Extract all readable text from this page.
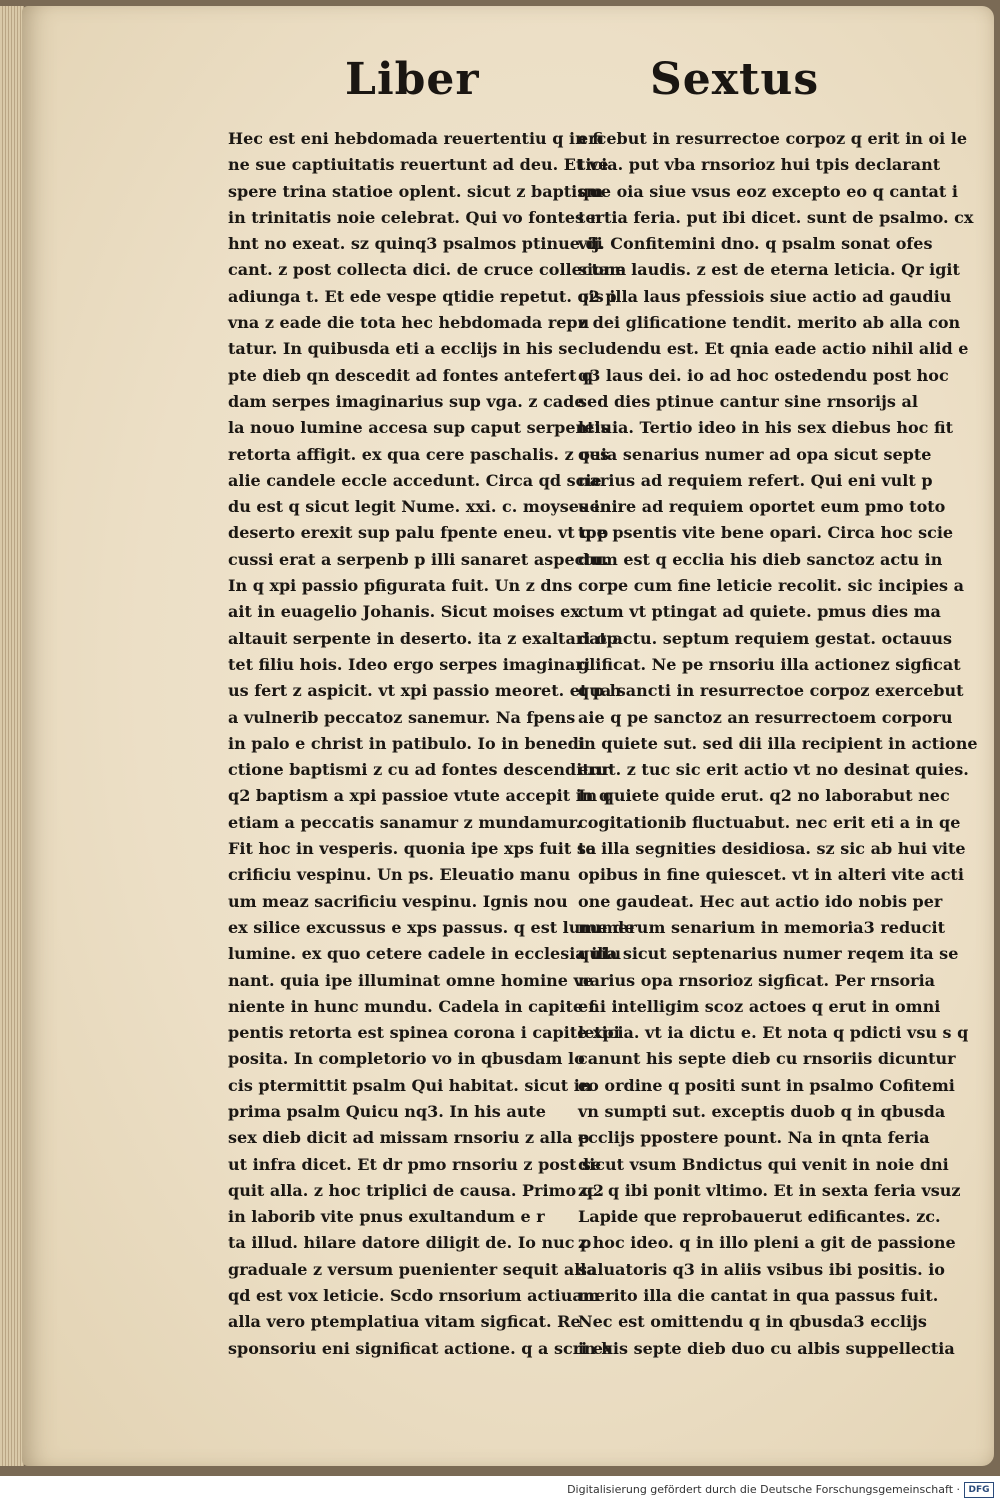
Liber	Sextus
Hec est eni hebdomada reuertentiu q in fi
ne sue captiuitatis reuertunt ad deu. Et ve
spere trina statioe oplent. sicut z baptism
in trinitatis noie celebrat. Qui vo fontes n
hnt no exeat. sz quinq3 psalmos ptinue di
cant. z post collecta dici. de cruce collectam
adiunga t. Et ede vespe qtidie repetut. q2 p
vna z eade die tota hec hebdomada repu
tatur. In quibusda eti a ecclijs in his se
pte dieb qn descedit ad fontes antefert q
dam serpes imaginarius sup vga. z cade
la nouo lumine accesa sup caput serpentis
retorta affigit. ex qua cere paschalis. z oes
alie candele eccle accedunt. Circa qd scie
du est q sicut legit Nume. xxi. c. moyses in
deserto erexit sup palu fpente eneu. vt q p
cussi erat a serpenb p illi sanaret aspectu.
In q xpi passio pfigurata fuit. Un z dns
ait in euagelio Johanis. Sicut moises ex
altauit serpente in deserto. ita z exaltari op
tet filiu hois. Ideo ergo serpes imaginari
us fert z aspicit. vt xpi passio meoret. et p h
a vulnerib peccatoz sanemur. Na fpens
in palo e christ in patibulo. Io in benedi
ctione baptismi z cu ad fontes descenditur
q2 baptism a xpi passioe vtute accepit in q
etiam a peccatis sanamur z mundamur.
Fit hoc in vesperis. quonia ipe xps fuit sa
crificiu vespinu. Un ps. Eleuatio manu
um meaz sacrificiu vespinu. Ignis nou
ex silice excussus e xps passus. q est lume de
lumine. ex quo cetere cadele in ecclesia illu
nant. quia ipe illuminat omne homine ve
niente in hunc mundu. Cadela in capite f
pentis retorta est spinea corona i capite xpi
posita. In completorio vo in qbusdam lo
cis ptermittit psalm Qui habitat. sicut in
prima psalm Quicu nq3. In his aute
sex dieb dicit ad missam rnsoriu z alla p
ut infra dicet. Et dr pmo rnsoriu z post se
quit alla. z hoc triplici de causa. Primo q2
in laborib vite pnus exultandum e r
ta illud. hilare datore diligit de. Io nuc p
graduale z versum puenienter sequit alla
qd est vox leticie. Scdo rnsorium actiuam
alla vero ptemplatiua vitam sigficat. Re
sponsoriu eni significat actione. q a scri ex
ercebut in resurrectoe corpoz q erit in oi le
ticia. put vba rnsorioz hui tpis declarant
que oia siue vsus eoz excepto eo q cantat i
tertia feria. put ibi dicet. sunt de psalmo. cx
vij. Confitemini dno. q psalm sonat ofes
sione laudis. z est de eterna leticia. Qr igit
ois illa laus pfessiois siue actio ad gaudiu
z dei glificatione tendit. merito ab alla con
cludendu est. Et qnia eade actio nihil alid e
q3 laus dei. io ad hoc ostedendu post hoc
sed dies ptinue cantur sine rnsorijs al
leluia. Tertio ideo in his sex diebus hoc fit
quia senarius numer ad opa sicut septe
narius ad requiem refert. Qui eni vult p
uenire ad requiem oportet eum pmo toto
tpe psentis vite bene opari. Circa hoc scie
dum est q ecclia his dieb sanctoz actu in
corpe cum fine leticie recolit. sic incipies a
ctum vt ptingat ad quiete. pmus dies ma
dat actu. septum requiem gestat. octauus
glificat. Ne pe rnsoriu illa actionez sigficat
qua sancti in resurrectoe corpoz exercebut
aie q pe sanctoz an resurrectoem corporu
in quiete sut. sed dii illa recipient in actione
erut. z tuc sic erit actio vt no desinat quies.
In quiete quide erut. q2 no laborabut nec
cogitationib fluctuabut. nec erit eti a in qe
te illa segnities desidiosa. sz sic ab hui vite
opibus in fine quiescet. vt in alteri vite acti
one gaudeat. Hec aut actio ido nobis per
numerum senarium in memoria3 reducit
quia sicut septenarius numer reqem ita se
narius opa rnsorioz sigficat. Per rnsoria
eni intelligim scoz actoes q erut in omni
leticia. vt ia dictu e. Et nota q pdicti vsu s q
canunt his septe dieb cu rnsoriis dicuntur
eo ordine q positi sunt in psalmo Cofitemi
vn sumpti sut. exceptis duob q in qbusda
ecclijs ppostere pount. Na in qnta feria
dicut vsum Bndictus qui venit in noie dni
zc. q ibi ponit vltimo. Et in sexta feria vsuz
Lapide que reprobauerut edificantes. zc.
z hoc ideo. q in illo pleni a git de passione
saluatoris q3 in aliis vsibus ibi positis. io
merito illa die cantat in qua passus fuit.
Nec est omittendu q in qbusda3 ecclijs
in his septe dieb duo cu albis suppellectia
Digitalisierung gefördert durch die Deutsche Forschungsgemeinschaft · DFG
